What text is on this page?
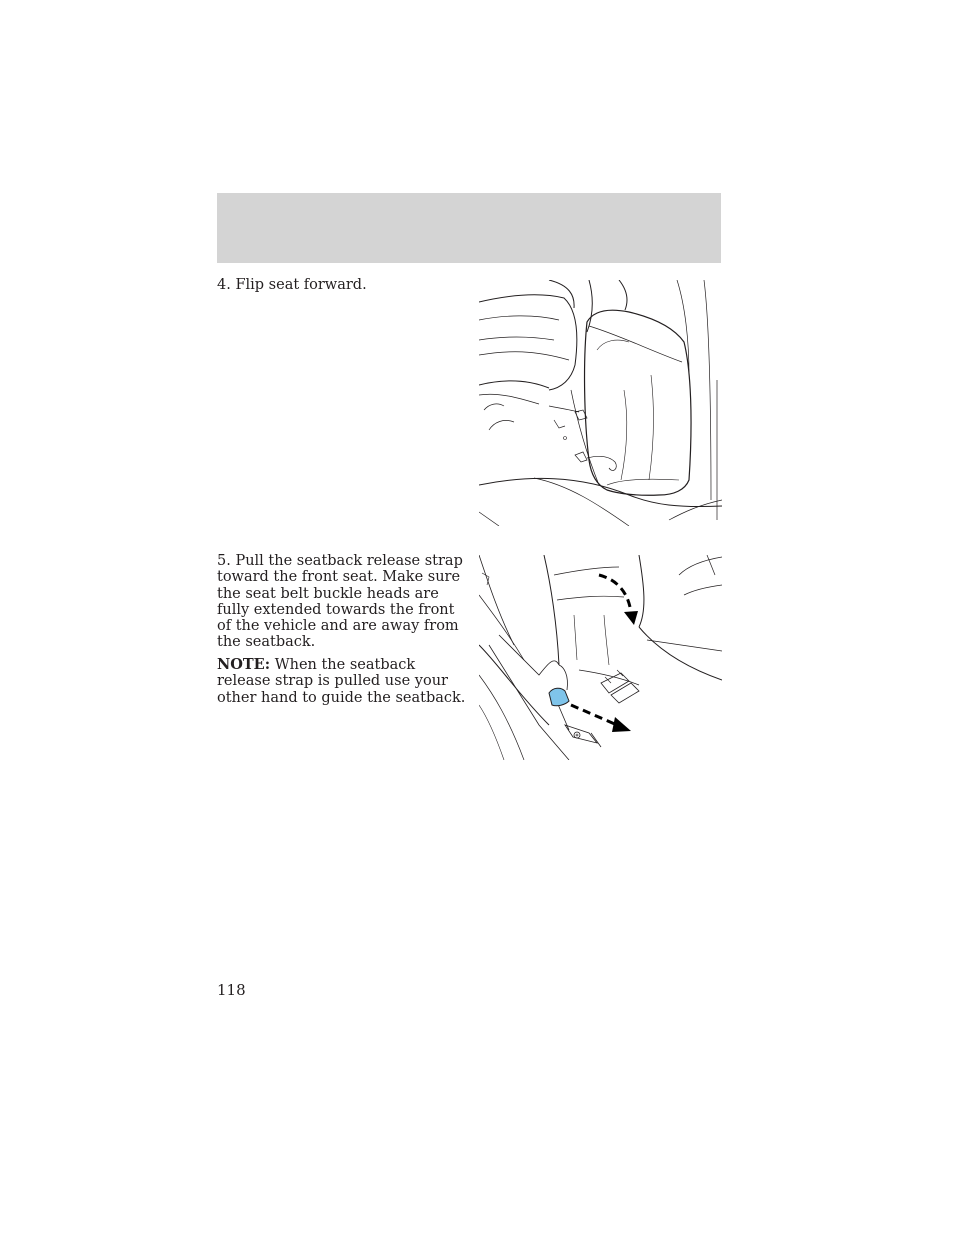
4. Flip seat forward.
5. Pull the seatback release strap toward the front seat. Make sure the seat belt buckle heads are fully extended towards the front of the vehicle and are away from the seatback.
NOTE: When the seatback release strap is pulled use your other hand to guide the seatback.
118
